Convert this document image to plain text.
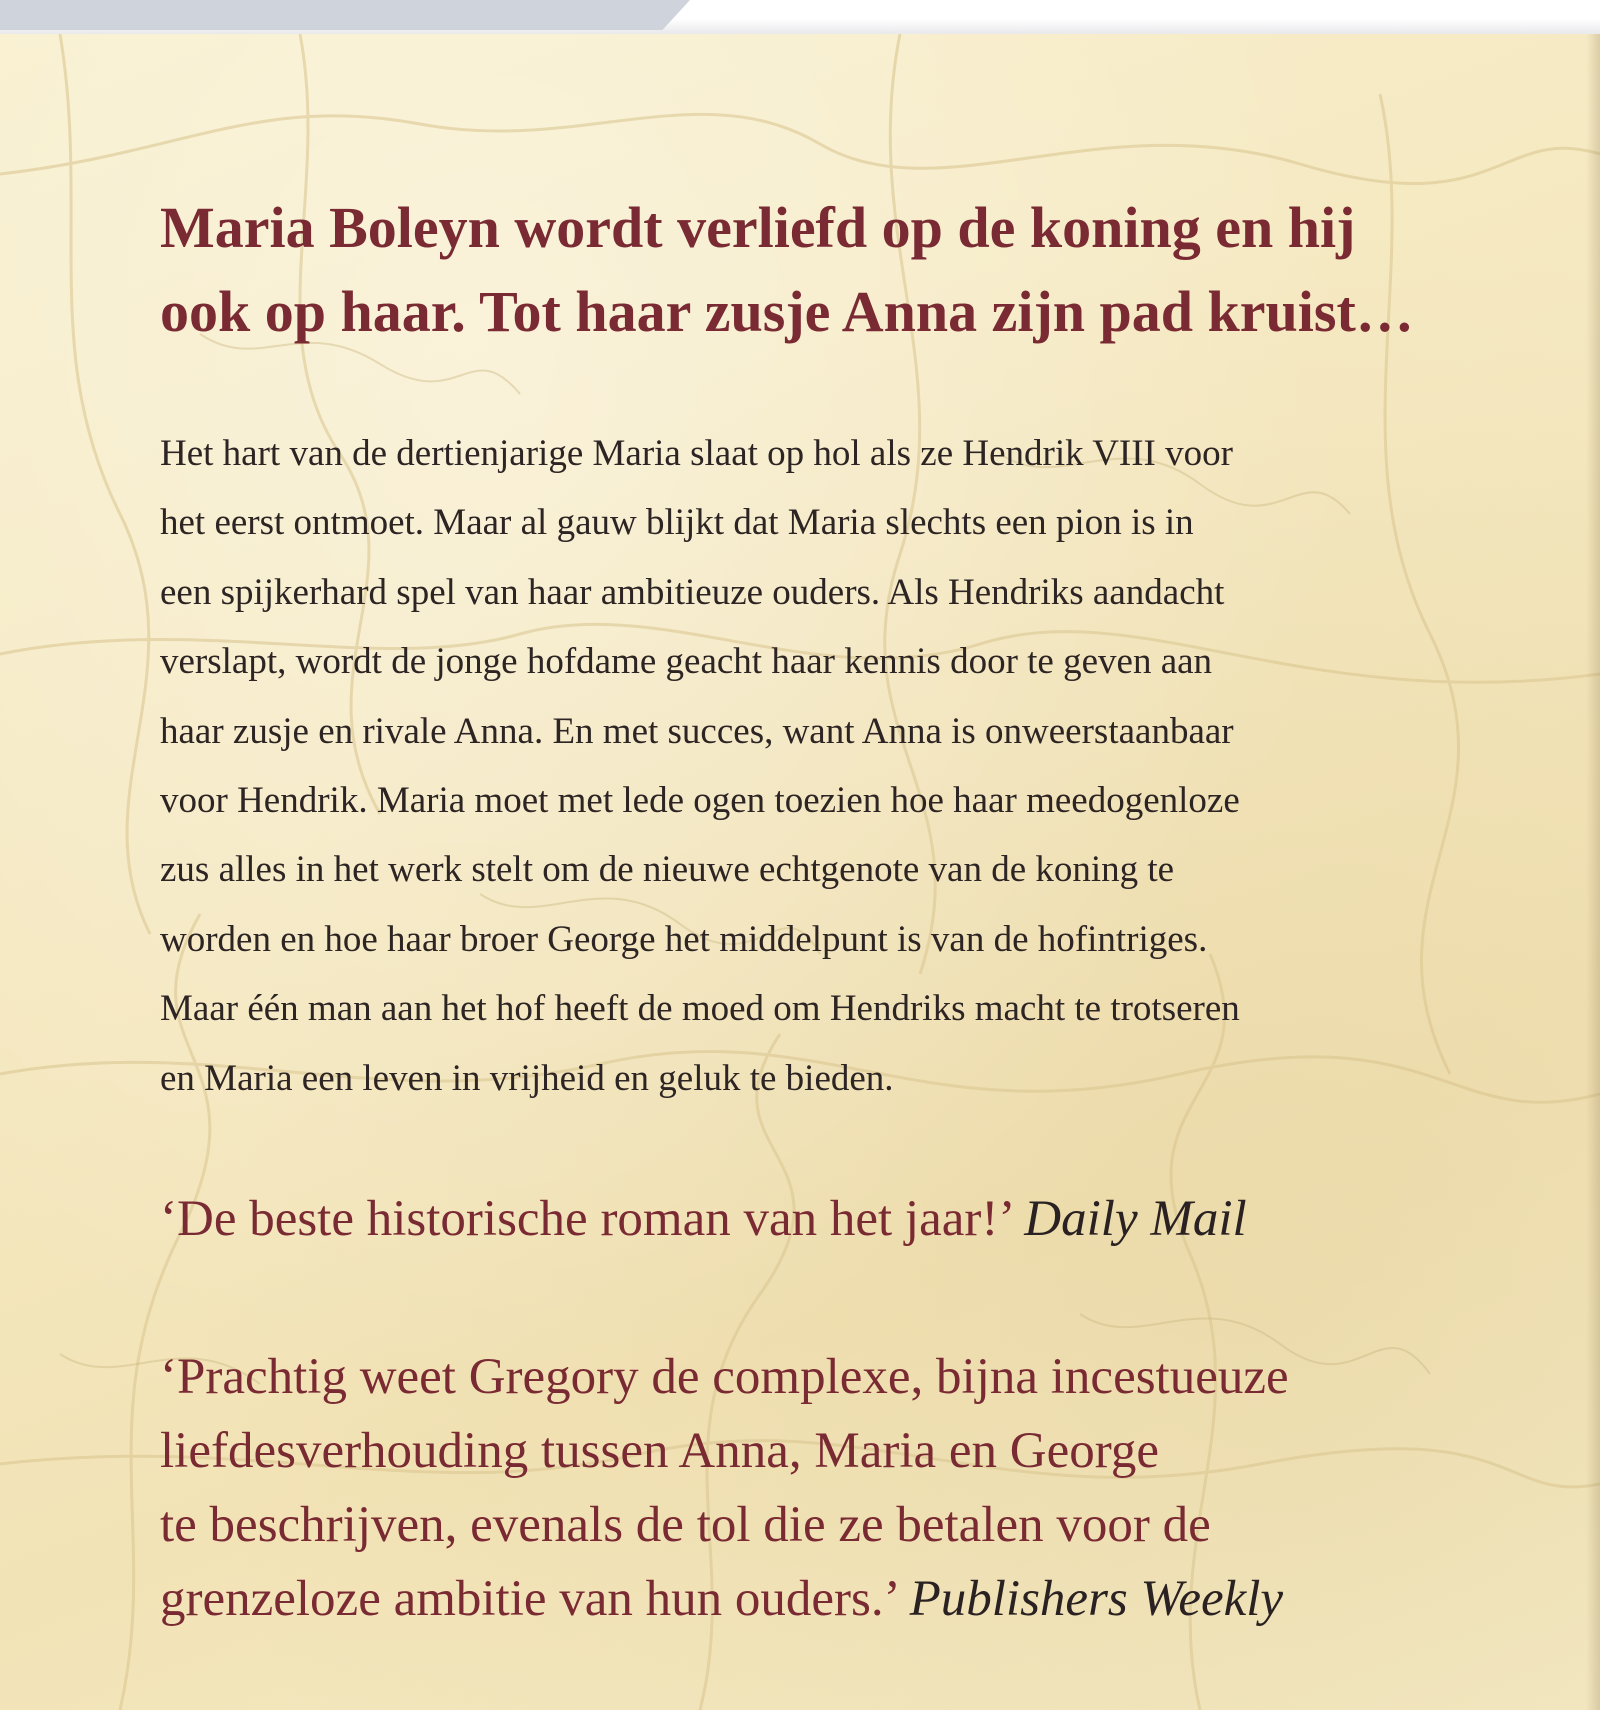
Maria Boleyn wordt verliefd op de koning en hij
ook op haar. Tot haar zusje Anna zijn pad kruist…

Het hart van de dertienjarige Maria slaat op hol als ze Hendrik VIII voor
het eerst ontmoet. Maar al gauw blijkt dat Maria slechts een pion is in
een spijkerhard spel van haar ambitieuze ouders. Als Hendriks aandacht
verslapt, wordt de jonge hofdame geacht haar kennis door te geven aan
haar zusje en rivale Anna. En met succes, want Anna is onweerstaanbaar
voor Hendrik. Maria moet met lede ogen toezien hoe haar meedogenloze
zus alles in het werk stelt om de nieuwe echtgenote van de koning te
worden en hoe haar broer George het middelpunt is van de hofintriges.
Maar één man aan het hof heeft de moed om Hendriks macht te trotseren
en Maria een leven in vrijheid en geluk te bieden.

‘De beste historische roman van het jaar!’ Daily Mail

‘Prachtig weet Gregory de complexe, bijna incestueuze
liefdesverhouding tussen Anna, Maria en George
te beschrijven, evenals de tol die ze betalen voor de
grenzeloze ambitie van hun ouders.’ Publishers Weekly
